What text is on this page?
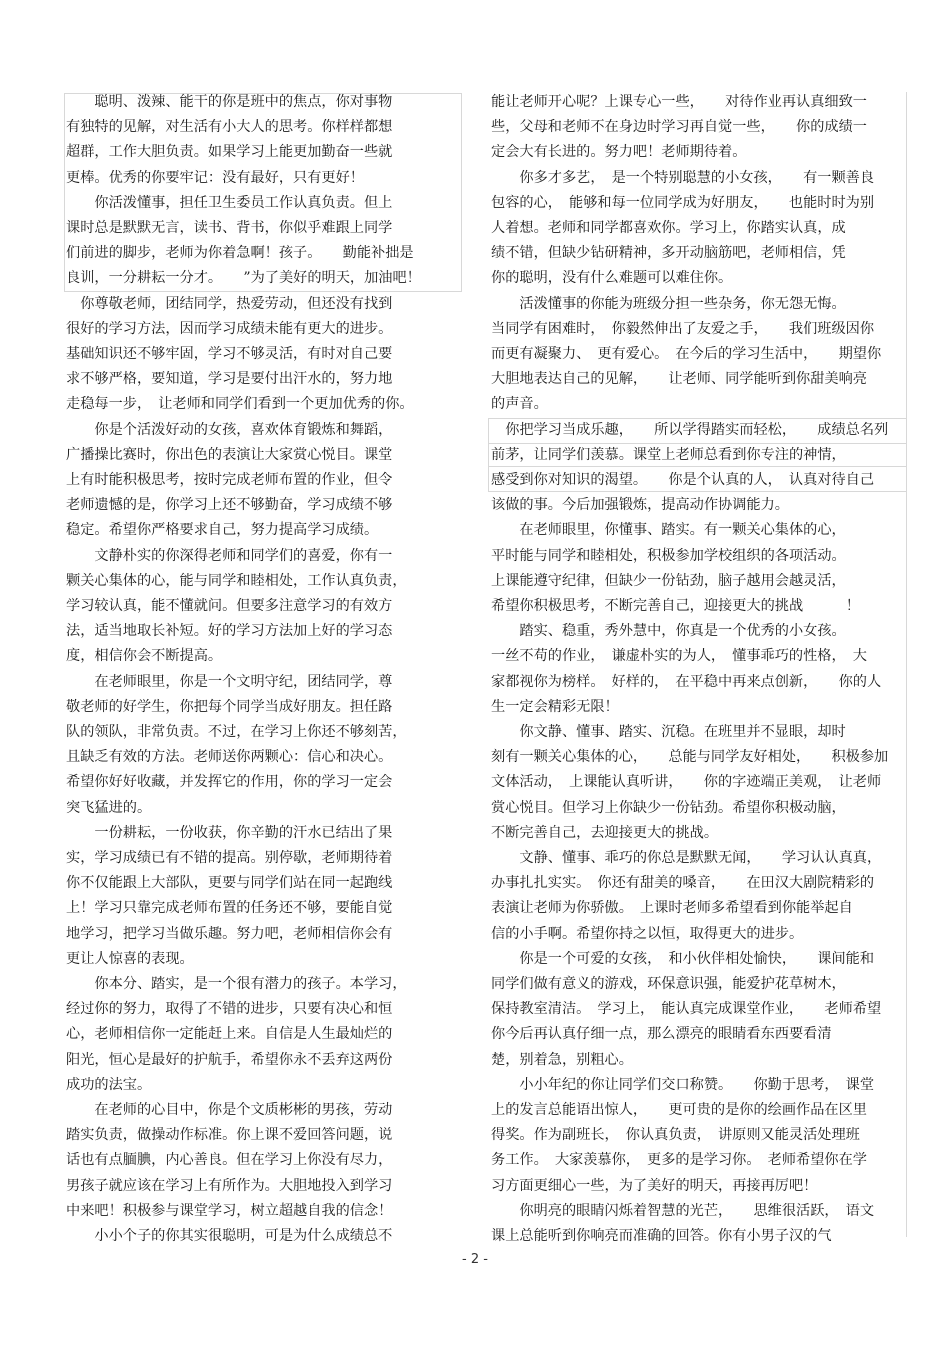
　　聪明、泼辣、能干的你是班中的焦点，你对事物
有独特的见解，对生活有小大人的思考。你样样都想
超群，工作大胆负责。如果学习上能更加勤奋一些就
更棒。优秀的你要牢记：没有最好，只有更好！
　　你活泼懂事，担任卫生委员工作认真负责。但上
课时总是默默无言，读书、背书，你似乎难跟上同学
们前进的脚步，老师为你着急啊！孩子。　　勤能补拙是
良训，一分耕耘一分才。　　”为了美好的明天，加油吧！
　你尊敬老师，团结同学，热爱劳动，但还没有找到
很好的学习方法，因而学习成绩未能有更大的进步。
基础知识还不够牢固，学习不够灵活，有时对自己要
求不够严格，要知道，学习是要付出汗水的，努力地
走稳每一步，　让老师和同学们看到一个更加优秀的你。
　　你是个活泼好动的女孩，喜欢体育锻炼和舞蹈，
广播操比赛时，你出色的表演让大家赏心悦目。课堂
上有时能积极思考，按时完成老师布置的作业，但令
老师遗憾的是，你学习上还不够勤奋，学习成绩不够
稳定。希望你严格要求自己，努力提高学习成绩。
　　文静朴实的你深得老师和同学们的喜爱，你有一
颗关心集体的心，能与同学和睦相处，工作认真负责，
学习较认真，能不懂就问。但要多注意学习的有效方
法，适当地取长补短。好的学习方法加上好的学习态
度，相信你会不断提高。
　　在老师眼里，你是一个文明守纪，团结同学，尊
敬老师的好学生，你把每个同学当成好朋友。担任路
队的领队，非常负责。不过，在学习上你还不够刻苦，
且缺乏有效的方法。老师送你两颗心：信心和决心。
希望你好好收藏，并发挥它的作用，你的学习一定会
突飞猛进的。
　　一份耕耘，一份收获，你辛勤的汗水已结出了果
实，学习成绩已有不错的提高。别停歇，老师期待着
你不仅能跟上大部队，更要与同学们站在同一起跑线
上！学习只靠完成老师布置的任务还不够，要能自觉
地学习，把学习当做乐趣。努力吧，老师相信你会有
更让人惊喜的表现。
　　你本分、踏实，是一个很有潜力的孩子。本学习，
经过你的努力，取得了不错的进步，只要有决心和恒
心，老师相信你一定能赶上来。自信是人生最灿烂的
阳光，恒心是最好的护航手，希望你永不丢弃这两份
成功的法宝。
　　在老师的心目中，你是个文质彬彬的男孩，劳动
踏实负责，做操动作标准。你上课不爱回答问题，说
话也有点腼腆，内心善良。但在学习上你没有尽力，
男孩子就应该在学习上有所作为。大胆地投入到学习
中来吧！积极参与课堂学习，树立超越自我的信念！
　　小小个子的你其实很聪明，可是为什么成绩总不
能让老师开心呢？上课专心一些，　　对待作业再认真细致一
些，父母和老师不在身边时学习再自觉一些，　　你的成绩一
定会大有长进的。努力吧！老师期待着。
　　你多才多艺，　是一个特别聪慧的小女孩，　　有一颗善良
包容的心，　能够和每一位同学成为好朋友，　　也能时时为别
人着想。老师和同学都喜欢你。学习上，你踏实认真，成
绩不错，但缺少钻研精神，多开动脑筋吧，老师相信，凭
你的聪明，没有什么难题可以难住你。
　　活泼懂事的你能为班级分担一些杂务，你无怨无悔。
当同学有困难时，　你毅然伸出了友爱之手，　　我们班级因你
而更有凝聚力、　更有爱心。　在今后的学习生活中，　　期望你
大胆地表达自己的见解，　　让老师、同学能听到你甜美响亮
的声音。
　你把学习当成乐趣，　　所以学得踏实而轻松，　　成绩总名列
前茅，让同学们羡慕。课堂上老师总看到你专注的神情，
感受到你对知识的渴望。　　你是个认真的人，　认真对待自己
该做的事。今后加强锻炼，提高动作协调能力。
　　在老师眼里，你懂事、踏实。有一颗关心集体的心，
平时能与同学和睦相处，积极参加学校组织的各项活动。
上课能遵守纪律，但缺少一份钻劲，脑子越用会越灵活，
希望你积极思考，不断完善自己，迎接更大的挑战　　　！
　　踏实、稳重，秀外慧中，你真是一个优秀的小女孩。
一丝不苟的作业，　谦虚朴实的为人，　懂事乖巧的性格，　大
家都视你为榜样。　好样的，　在平稳中再来点创新，　　你的人
生一定会精彩无限！
　　你文静、懂事、踏实、沉稳。在班里并不显眼，却时
刻有一颗关心集体的心，　　总能与同学友好相处，　　积极参加
文体活动，　上课能认真听讲，　　你的字迹端正美观，　让老师
赏心悦目。但学习上你缺少一份钻劲。希望你积极动脑，
不断完善自己，去迎接更大的挑战。
　　文静、懂事、乖巧的你总是默默无闻，　　学习认认真真，
办事扎扎实实。　你还有甜美的嗓音，　　在田汉大剧院精彩的
表演让老师为你骄傲。　上课时老师多希望看到你能举起自
信的小手啊。希望你持之以恒，取得更大的进步。
　　你是一个可爱的女孩，　和小伙伴相处愉快，　　课间能和
同学们做有意义的游戏，环保意识强，能爱护花草树木，
保持教室清洁。　学习上，　能认真完成课堂作业，　　老师希望
你今后再认真仔细一点，那么漂亮的眼睛看东西要看清
楚，别着急，别粗心。
　　小小年纪的你让同学们交口称赞。　　你勤于思考，　课堂
上的发言总能语出惊人，　　更可贵的是你的绘画作品在区里
得奖。作为副班长，　你认真负责，　讲原则又能灵活处理班
务工作。　大家羡慕你，　更多的是学习你。　老师希望你在学
习方面更细心一些，为了美好的明天，再接再厉吧！
　　你明亮的眼睛闪烁着智慧的光芒，　　思维很活跃，　语文
课上总能听到你响亮而准确的回答。你有小男子汉的气
- 2 -
